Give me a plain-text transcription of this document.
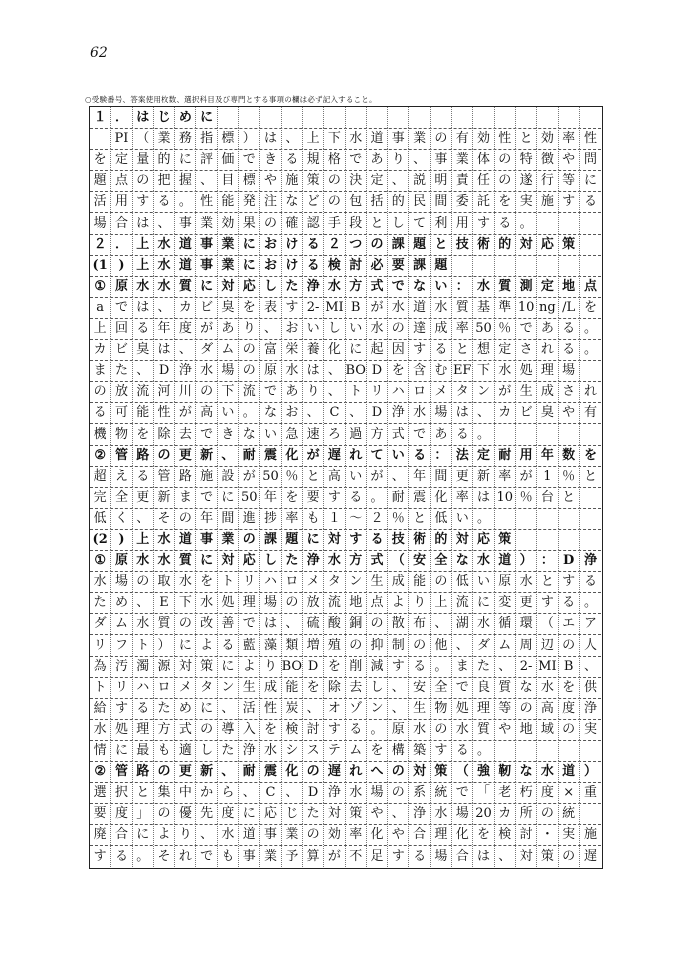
62
○受験番号、答案使用枚数、選択科目及び専門とする事項の欄は必ず記入すること。
１ ． は じ め に
PI （ 業 務 指 標 ） は 、 上 下 水 道 事 業 の 有 効 性 と 効 率 性
を 定 量 的 に 評 価 で き る 規 格 で あ り 、 事 業 体 の 特 徴 や 問
題 点 の 把 握 、 目 標 や 施 策 の 決 定 、 説 明 責 任 の 遂 行 等 に
活 用 す る 。 性 能 発 注 な ど の 包 括 的 民 間 委 託 を 実 施 す る
場 合 は 、 事 業 効 果 の 確 認 手 段 と し て 利 用 す る 。
２ ． 上 水 道 事 業 に お け る ２ つ の 課 題 と 技 術 的 対 応 策
(1 ) 上 水 道 事 業 に お け る 検 討 必 要 課 題
① 原 水 水 質 に 対 応 し た 浄 水 方 式 で な い ： 水 質 測 定 地 点
a で は 、 カ ビ 臭 を 表 す 2- MI B が 水 道 水 質 基 準 10 ng /L を
上 回 る 年 度 が あ り 、 お い し い 水 の 達 成 率 50 ％ で あ る 。
カ ビ 臭 は 、 ダ ム の 富 栄 養 化 に 起 因 す る と 想 定 さ れ る 。
ま た 、 D 浄 水 場 の 原 水 は 、 BO D を 含 む EF 下 水 処 理 場
の 放 流 河 川 の 下 流 で あ り 、 ト リ ハ ロ メ タ ン が 生 成 さ れ
る 可 能 性 が 高 い 。 な お 、 C 、 D 浄 水 場 は 、 カ ビ 臭 や 有
機 物 を 除 去 で き な い 急 速 ろ 過 方 式 で あ る 。
② 管 路 の 更 新 、 耐 震 化 が 遅 れ て い る ： 法 定 耐 用 年 数 を
超 え る 管 路 施 設 が 50 ％ と 高 い が 、 年 間 更 新 率 が 1 ％ と
完 全 更 新 ま で に 50 年 を 要 す る 。 耐 震 化 率 は 10 ％ 台 と
低 く 、 そ の 年 間 進 捗 率 も １ ～ ２ ％ と 低 い 。
(2 ) 上 水 道 事 業 の 課 題 に 対 す る 技 術 的 対 応 策
① 原 水 水 質 に 対 応 し た 浄 水 方 式 （ 安 全 な 水 道 ） ： D 浄
水 場 の 取 水 を ト リ ハ ロ メ タ ン 生 成 能 の 低 い 原 水 と す る
た め 、 E 下 水 処 理 場 の 放 流 地 点 よ り 上 流 に 変 更 す る 。
ダ ム 水 質 の 改 善 で は 、 硫 酸 銅 の 散 布 、 湖 水 循 環 （ エ ア
リ フ ト ） に よ る 藍 藻 類 増 殖 の 抑 制 の 他 、 ダ ム 周 辺 の 人
為 汚 濁 源 対 策 に よ り BO D を 削 減 す る 。 ま た 、 2- MI B 、
ト リ ハ ロ メ タ ン 生 成 能 を 除 去 し 、 安 全 で 良 質 な 水 を 供
給 す る た め に 、 活 性 炭 、 オ ゾ ン 、 生 物 処 理 等 の 高 度 浄
水 処 理 方 式 の 導 入 を 検 討 す る 。 原 水 の 水 質 や 地 域 の 実
情 に 最 も 適 し た 浄 水 シ ス テ ム を 構 築 す る 。
② 管 路 の 更 新 、 耐 震 化 の 遅 れ へ の 対 策 （ 強 靭 な 水 道 ）
選 択 と 集 中 か ら 、 C 、 D 浄 水 場 の 系 統 で 「 老 朽 度 × 重
要 度 」 の 優 先 度 に 応 じ た 対 策 や 、 浄 水 場 20 カ 所 の 統
廃 合 に よ り 、 水 道 事 業 の 効 率 化 や 合 理 化 を 検 討 ・ 実 施
す る 。 そ れ で も 事 業 予 算 が 不 足 す る 場 合 は 、 対 策 の 遅
